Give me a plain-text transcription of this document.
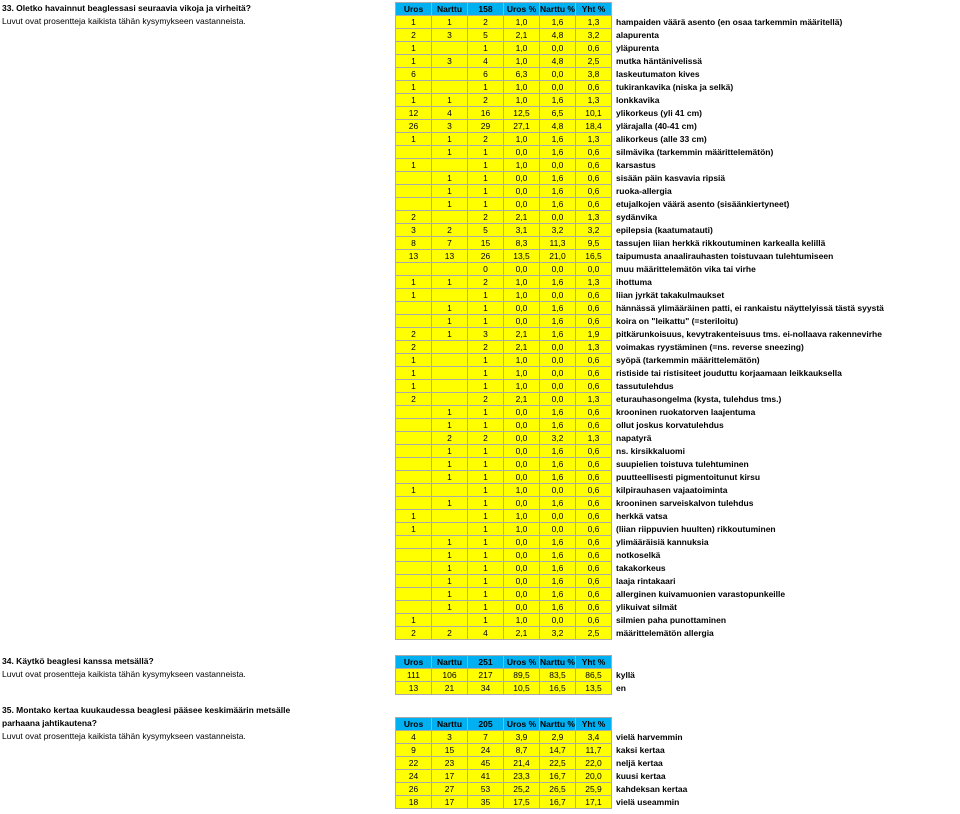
33. Oletko havainnut beaglessasi seuraavia vikoja ja virheitä?
Luvut ovat prosentteja kaikista tähän kysymykseen vastanneista.
Uros	Narttu	158	Uros %	Narttu %	Yht %	
1	1	2	1,0	1,6	1,3	hampaiden väärä asento (en osaa tarkemmin määritellä)
2	3	5	2,1	4,8	3,2	alapurenta
1		1	1,0	0,0	0,6	yläpurenta
1	3	4	1,0	4,8	2,5	mutka häntänivelissä
6		6	6,3	0,0	3,8	laskeutumaton kives
1		1	1,0	0,0	0,6	tukirankavika (niska ja selkä)
1	1	2	1,0	1,6	1,3	lonkkavika
12	4	16	12,5	6,5	10,1	ylikorkeus (yli 41 cm)
26	3	29	27,1	4,8	18,4	ylärajalla (40-41 cm)
1	1	2	1,0	1,6	1,3	alikorkeus (alle 33 cm)
	1	1	0,0	1,6	0,6	silmävika (tarkemmin määrittelemätön)
1		1	1,0	0,0	0,6	karsastus
	1	1	0,0	1,6	0,6	sisään päin kasvavia ripsiä
	1	1	0,0	1,6	0,6	ruoka-allergia
	1	1	0,0	1,6	0,6	etujalkojen väärä asento (sisäänkiertyneet)
2		2	2,1	0,0	1,3	sydänvika
3	2	5	3,1	3,2	3,2	epilepsia (kaatumatauti)
8	7	15	8,3	11,3	9,5	tassujen liian herkkä rikkoutuminen karkealla kelillä
13	13	26	13,5	21,0	16,5	taipumusta anaalirauhasten toistuvaan tulehtumiseen
		0	0,0	0,0	0,0	muu määrittelemätön vika tai virhe
1	1	2	1,0	1,6	1,3	ihottuma
1		1	1,0	0,0	0,6	liian jyrkät takakulmaukset
	1	1	0,0	1,6	0,6	hännässä ylimääräinen patti, ei rankaistu näyttelyissä tästä syystä
	1	1	0,0	1,6	0,6	koira on "leikattu" (=steriloitu)
2	1	3	2,1	1,6	1,9	pitkärunkoisuus, kevytrakenteisuus tms. ei-nollaava rakennevirhe
2		2	2,1	0,0	1,3	voimakas ryystäminen (=ns. reverse sneezing)
1		1	1,0	0,0	0,6	syöpä (tarkemmin määrittelemätön)
1		1	1,0	0,0	0,6	ristiside tai ristisiteet jouduttu korjaamaan leikkauksella
1		1	1,0	0,0	0,6	tassutulehdus
2		2	2,1	0,0	1,3	eturauhasongelma (kysta, tulehdus tms.)
	1	1	0,0	1,6	0,6	krooninen ruokatorven laajentuma
	1	1	0,0	1,6	0,6	ollut joskus korvatulehdus
	2	2	0,0	3,2	1,3	napatyrä
	1	1	0,0	1,6	0,6	ns. kirsikkaluomi
	1	1	0,0	1,6	0,6	suupielien toistuva tulehtuminen
	1	1	0,0	1,6	0,6	puutteellisesti pigmentoitunut kirsu
1		1	1,0	0,0	0,6	kilpirauhasen vajaatoiminta
	1	1	0,0	1,6	0,6	krooninen sarveiskalvon tulehdus
1		1	1,0	0,0	0,6	herkkä vatsa
1		1	1,0	0,0	0,6	(liian riippuvien huulten) rikkoutuminen
	1	1	0,0	1,6	0,6	ylimääräisiä kannuksia
	1	1	0,0	1,6	0,6	notkoselkä
	1	1	0,0	1,6	0,6	takakorkeus
	1	1	0,0	1,6	0,6	laaja rintakaari
	1	1	0,0	1,6	0,6	allerginen kuivamuonien varastopunkeille
	1	1	0,0	1,6	0,6	ylikuivat silmät
1		1	1,0	0,0	0,6	silmien paha punottaminen
2	2	4	2,1	3,2	2,5	määrittelemätön allergia
34. Käytkö beaglesi kanssa metsällä?
Luvut ovat prosentteja kaikista tähän kysymykseen vastanneista.
Uros	Narttu	251	Uros %	Narttu %	Yht %	
111	106	217	89,5	83,5	86,5	kyllä
13	21	34	10,5	16,5	13,5	en
35. Montako kertaa kuukaudessa beaglesi pääsee keskimäärin metsälle
parhaana jahtikautena?
Luvut ovat prosentteja kaikista tähän kysymykseen vastanneista.
Uros	Narttu	205	Uros %	Narttu %	Yht %	
4	3	7	3,9	2,9	3,4	vielä harvemmin
9	15	24	8,7	14,7	11,7	kaksi kertaa
22	23	45	21,4	22,5	22,0	neljä kertaa
24	17	41	23,3	16,7	20,0	kuusi kertaa
26	27	53	25,2	26,5	25,9	kahdeksan kertaa
18	17	35	17,5	16,7	17,1	vielä useammin
